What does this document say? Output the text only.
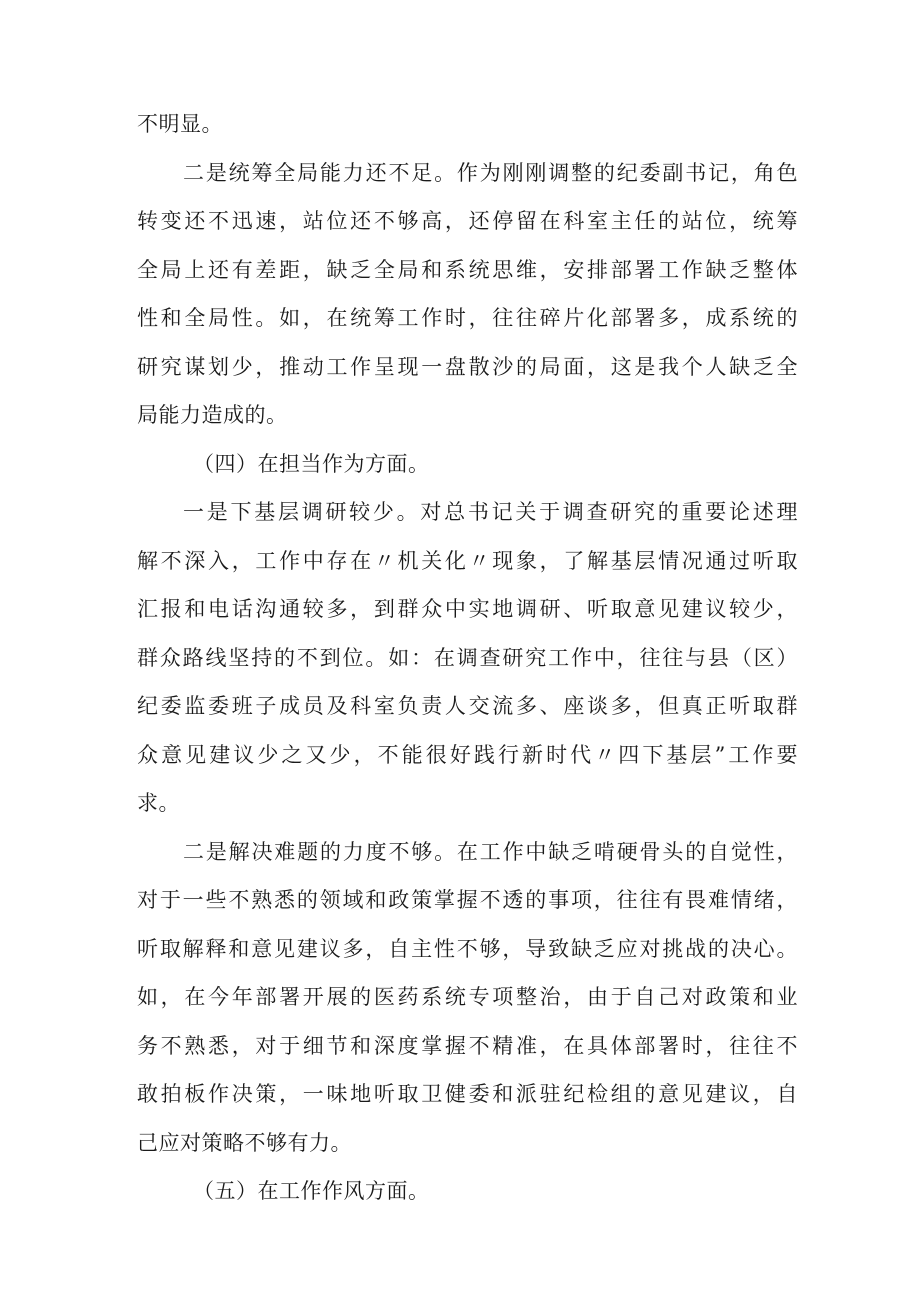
不明显。
二是统筹全局能力还不足。作为刚刚调整的纪委副书记，角色
转变还不迅速，站位还不够高，还停留在科室主任的站位，统筹
全局上还有差距，缺乏全局和系统思维，安排部署工作缺乏整体
性和全局性。如，在统筹工作时，往往碎片化部署多，成系统的
研究谋划少，推动工作呈现一盘散沙的局面，这是我个人缺乏全
局能力造成的。
（四）在担当作为方面。
一是下基层调研较少。对总书记关于调查研究的重要论述理
解不深入，工作中存在〃机关化〃现象，了解基层情况通过听取
汇报和电话沟通较多，到群众中实地调研、听取意见建议较少，
群众路线坚持的不到位。如：在调查研究工作中，往往与县（区）
纪委监委班子成员及科室负责人交流多、座谈多，但真正听取群
众意见建议少之又少，不能很好践行新时代〃四下基层”工作要
求。
二是解决难题的力度不够。在工作中缺乏啃硬骨头的自觉性，
对于一些不熟悉的领域和政策掌握不透的事项，往往有畏难情绪，
听取解释和意见建议多，自主性不够，导致缺乏应对挑战的决心。
如，在今年部署开展的医药系统专项整治，由于自己对政策和业
务不熟悉，对于细节和深度掌握不精准，在具体部署时，往往不
敢拍板作决策，一味地听取卫健委和派驻纪检组的意见建议，自
己应对策略不够有力。
（五）在工作作风方面。
